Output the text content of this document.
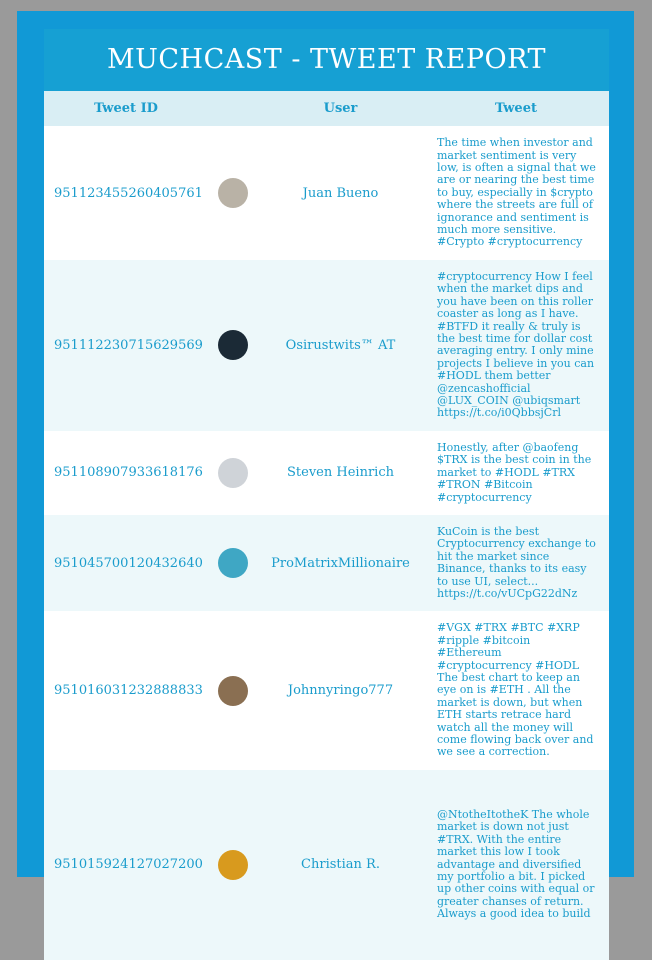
MUCHCAST - TWEET REPORT
Tweet ID		User	Tweet
951123455260405761		Juan Bueno	The time when investor and market sentiment is very low, is often a signal that we are or nearing the best time to buy, especially in $crypto where the streets are full of ignorance and sentiment is much more sensitive. #Crypto #cryptocurrency
951112230715629569		Osirustwits™ AT	#cryptocurrency How I feel when the market dips and you have been on this roller coaster as long as I have. #BTFD it really & truly is the best time for dollar cost averaging entry. I only mine projects I believe in you can #HODL them better @zencashofficial @LUX_COIN @ubiqsmart https://t.co/i0QbbsjCrl
951108907933618176		Steven Heinrich	Honestly, after @baofeng $TRX is the best coin in the market to #HODL #TRX #TRON #Bitcoin #cryptocurrency
951045700120432640		ProMatrixMillionaire	KuCoin is the best Cryptocurrency exchange to hit the market since Binance, thanks to its easy to use UI, select... https://t.co/vUCpG22dNz
951016031232888833		Johnnyringo777	#VGX #TRX #BTC #XRP #ripple #bitcoin #Ethereum #cryptocurrency #HODL The best chart to keep an eye on is #ETH . All the market is down, but when ETH starts retrace hard watch all the money will come flowing back over and we see a correction.
951015924127027200		Christian R.	@NtotheItotheK The whole market is down not just #TRX. With the entire market this low I took advantage and diversified my portfolio a bit. I picked up other coins with equal or greater chanses of return. Always a good idea to build
